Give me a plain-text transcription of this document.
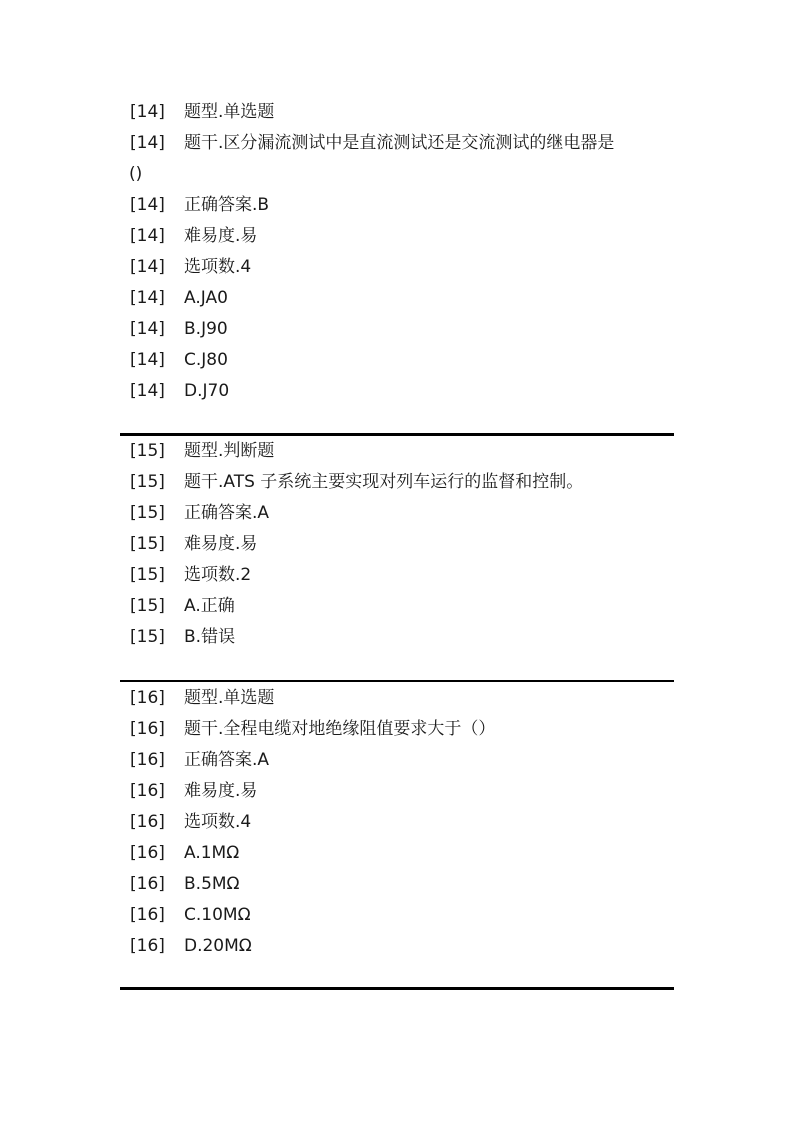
[14]	题型.单选题
[14]	题干.区分漏流测试中是直流测试还是交流测试的继电器是
()
[14]	正确答案.B
[14]	难易度.易
[14]	选项数.4
[14]	A.JA0
[14]	B.J90
[14]	C.J80
[14]	D.J70
[15]	题型.判断题
[15]	题干.ATS 子系统主要实现对列车运行的监督和控制。
[15]	正确答案.A
[15]	难易度.易
[15]	选项数.2
[15]	A.正确
[15]	B.错误
[16]	题型.单选题
[16]	题干.全程电缆对地绝缘阻值要求大于（）
[16]	正确答案.A
[16]	难易度.易
[16]	选项数.4
[16]	A.1MΩ
[16]	B.5MΩ
[16]	C.10MΩ
[16]	D.20MΩ
